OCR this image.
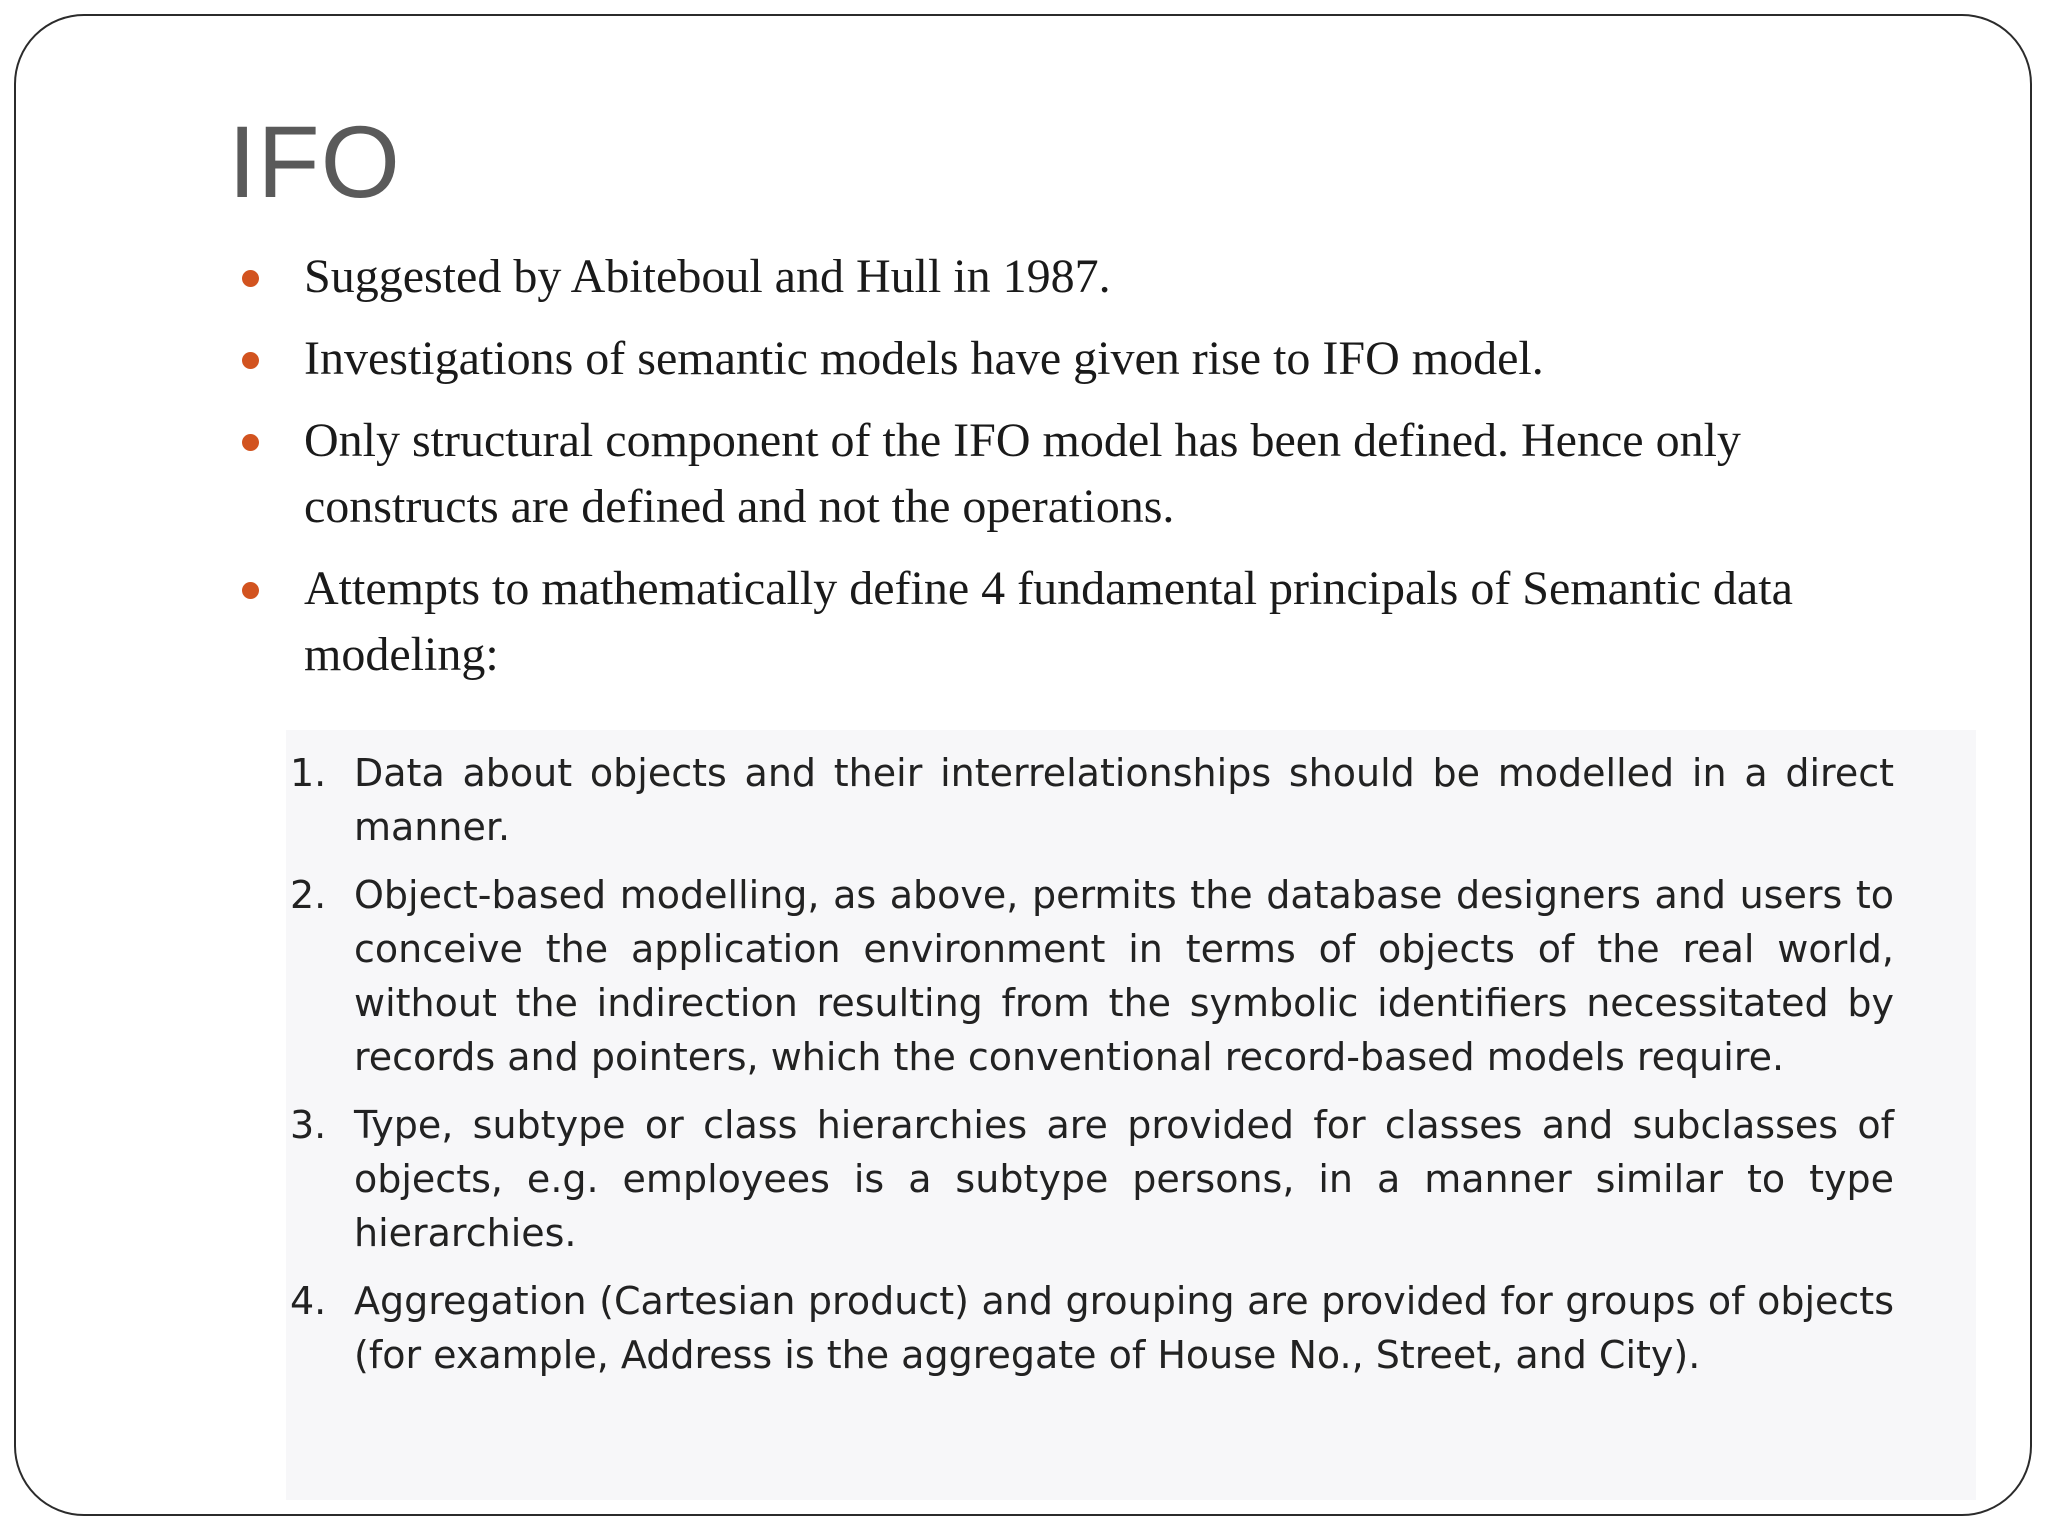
IFO
Suggested by Abiteboul and Hull in 1987.
Investigations of semantic models have given rise to IFO model.
Only structural component of the IFO model has been defined. Hence only constructs are defined and not the operations.
Attempts to mathematically define 4 fundamental principals of Semantic data modeling:
1. Data about objects and their interrelationships should be modelled in a direct manner.
2. Object-based modelling, as above, permits the database designers and users to conceive the application environment in terms of objects of the real world, without the indirection resulting from the symbolic identifiers necessitated by records and pointers, which the conventional record-based models require.
3. Type, subtype or class hierarchies are provided for classes and subclasses of objects, e.g. employees is a subtype persons, in a manner similar to type hierarchies.
4. Aggregation (Cartesian product) and grouping are provided for groups of objects (for example, Address is the aggregate of House No., Street, and City).
